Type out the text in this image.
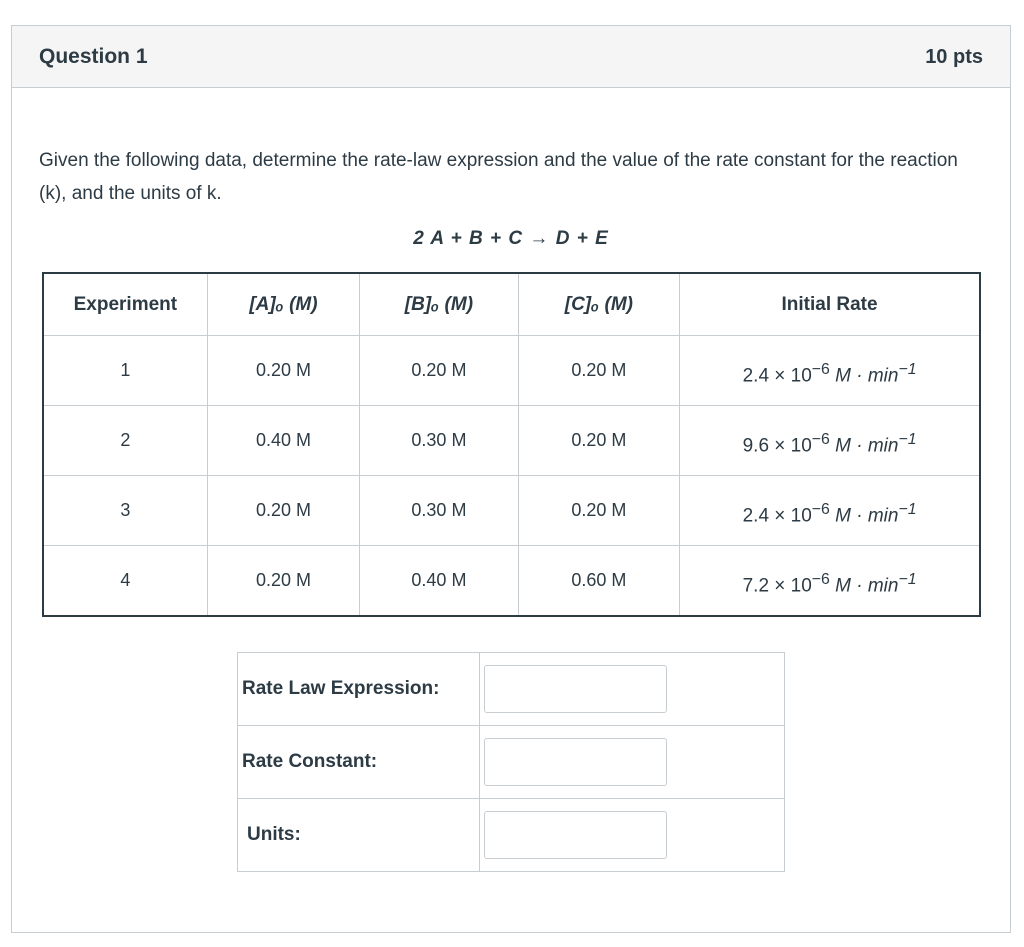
Question 1	10 pts
Given the following data, determine the rate-law expression and the value of the rate constant for the reaction (k), and the units of k.
2 A + B + C → D + E
Experiment	[A]ₒ (M)	[B]ₒ (M)	[C]ₒ (M)	Initial Rate
1	0.20 M	0.20 M	0.20 M	$2.4 \times 10^{-6}$ $M \cdot \min^{-1}$
2	0.40 M	0.30 M	0.20 M	$9.6 \times 10^{-6}$ $M \cdot \min^{-1}$
3	0.20 M	0.30 M	0.20 M	$2.4 \times 10^{-6}$ $M \cdot \min^{-1}$
4	0.20 M	0.40 M	0.60 M	$7.2 \times 10^{-6}$ $M \cdot \min^{-1}$
Rate Law Expression:	

Rate Constant:	

Units:	
